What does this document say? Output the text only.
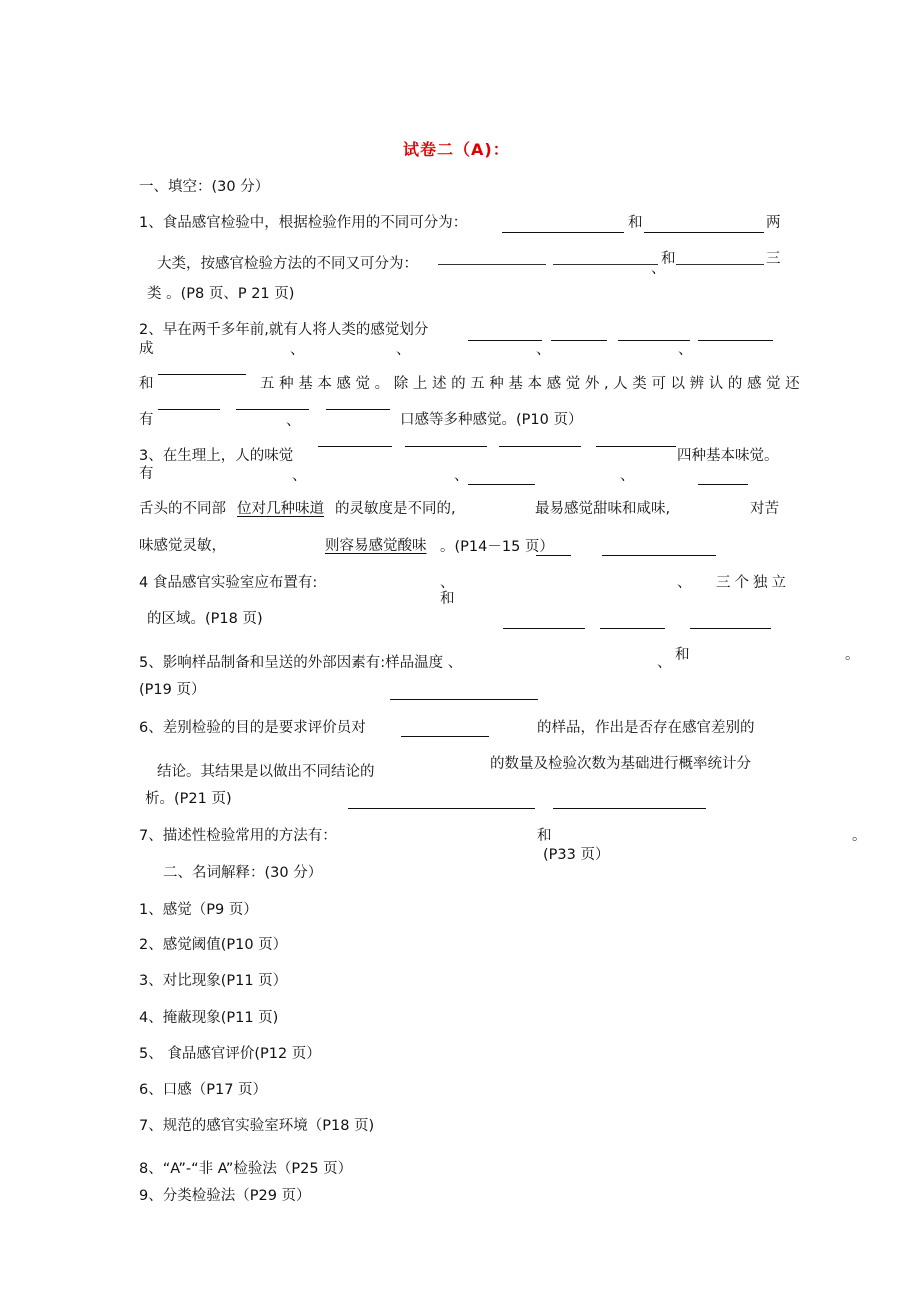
试卷二（A)：
一、填空：(30 分）
1、食品感官检验中，根据检验作用的不同可分为：	和	两
大类，按感官检验方法的不同又可分为：	、
和	三
类 。(P8 页、P 21 页)
2、早在两千多年前,就有人将人类的感觉划分
成	、	、	、	、
和	五 种 基 本 感 觉 。 除 上 述 的 五 种 基 本 感 觉 外 , 人 类 可 以 辨 认 的 感 觉 还
有	、	口感等多种感觉。(P10 页）
3、在生理上，人的味觉	四种基本味觉。
有	、	、	、
舌头的不同部 位对几种味道 的灵敏度是不同的,	最易感觉甜味和咸味,	对苦
味感觉灵敏，	则容易感觉酸味 。(P14－15 页）
4 食品感官实验室应布置有:	、
和
、 三个独立
的区域。(P18 页)
和
5、影响样品制备和呈送的外部因素有:样品温度 、	、	。
(P19 页）
6、差别检验的目的是要求评价员对	的样品，作出是否存在感官差别的
的数量及检验次数为基础进行概率统计分
结论。其结果是以做出不同结论的
析。(P21 页)
7、描述性检验常用的方法有：	和	。
(P33 页）
二、名词解释：(30 分）
1、感觉（P9 页）
2、感觉阈值(P10 页）
3、对比现象(P11 页）
4、掩蔽现象(P11 页)
5、 食品感官评价(P12 页）
6、口感（P17 页）
7、规范的感官实验室环境（P18 页)
8、“A”-“非 A”检验法（P25 页）
9、分类检验法（P29 页）
